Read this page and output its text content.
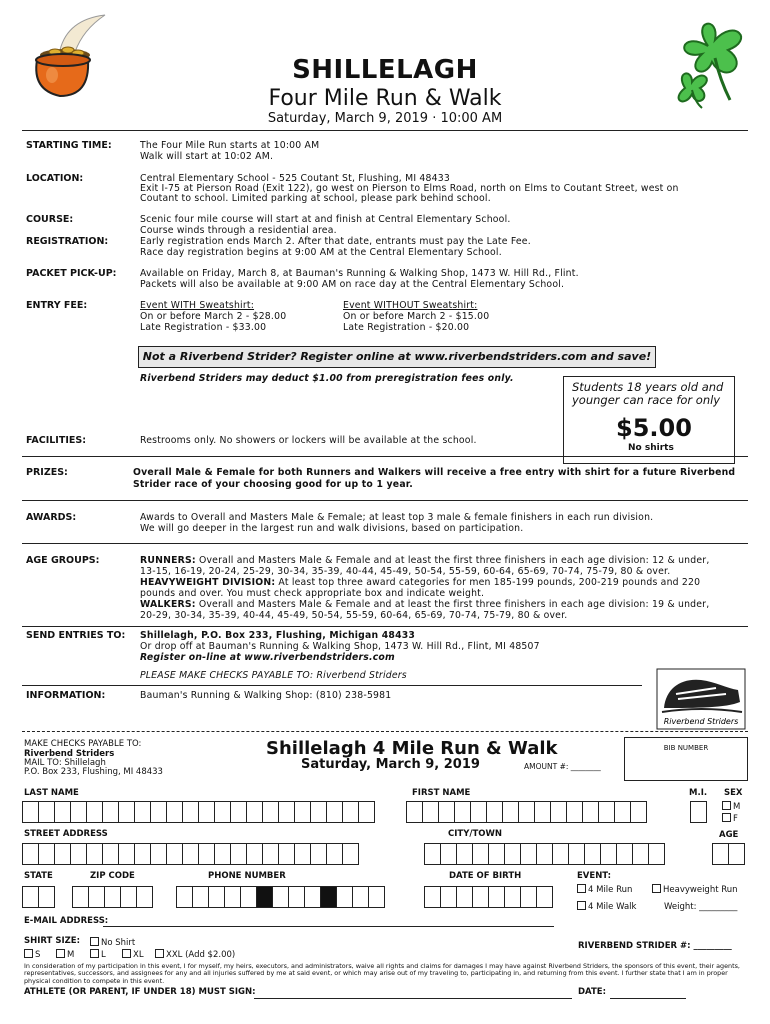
SHILLELAGH
Four Mile Run & Walk
Saturday, March 9, 2019 · 10:00 AM
STARTING TIME:	The Four Mile Run starts at 10:00 AM
Walk will start at 10:02 AM.
LOCATION:	Central Elementary School - 525 Coutant St, Flushing, MI 48433
Exit I-75 at Pierson Road (Exit 122), go west on Pierson to Elms Road, north on Elms to Coutant Street, west on
Coutant to school. Limited parking at school, please park behind school.
COURSE:	Scenic four mile course will start at and finish at Central Elementary School.
Course winds through a residential area.
REGISTRATION:	Early registration ends March 2. After that date, entrants must pay the Late Fee.
Race day registration begins at 9:00 AM at the Central Elementary School.
PACKET PICK-UP:	Available on Friday, March 8, at Bauman's Running & Walking Shop, 1473 W. Hill Rd., Flint.
Packets will also be available at 9:00 AM on race day at the Central Elementary School.
ENTRY FEE:	Event WITH Sweatshirt:
On or before March 2 - $28.00
Late Registration - $33.00
Event WITHOUT Sweatshirt:
On or before March 2 - $15.00
Late Registration - $20.00
Not a Riverbend Strider? Register online at www.riverbendstriders.com and save!
Riverbend Striders may deduct $1.00 from preregistration fees only.
Students 18 years old and
younger can race for only
$5.00
No shirts
FACILITIES:	Restrooms only. No showers or lockers will be available at the school.
PRIZES:	Overall Male & Female for both Runners and Walkers will receive a free entry with shirt for a future Riverbend
Strider race of your choosing good for up to 1 year.
AWARDS:	Awards to Overall and Masters Male & Female; at least top 3 male & female finishers in each run division.
We will go deeper in the largest run and walk divisions, based on participation.
AGE GROUPS:	RUNNERS: Overall and Masters Male & Female and at least the first three finishers in each age division: 12 & under,
13-15, 16-19, 20-24, 25-29, 30-34, 35-39, 40-44, 45-49, 50-54, 55-59, 60-64, 65-69, 70-74, 75-79, 80 & over.
HEAVYWEIGHT DIVISION: At least top three award categories for men 185-199 pounds, 200-219 pounds and 220
pounds and over. You must check appropriate box and indicate weight.
WALKERS: Overall and Masters Male & Female and at least the first three finishers in each age division: 19 & under,
20-29, 30-34, 35-39, 40-44, 45-49, 50-54, 55-59, 60-64, 65-69, 70-74, 75-79, 80 & over.
SEND ENTRIES TO: Shillelagh, P.O. Box 233, Flushing, Michigan 48433
Or drop off at Bauman's Running & Walking Shop, 1473 W. Hill Rd., Flint, MI 48507
Register on-line at www.riverbendstriders.com
PLEASE MAKE CHECKS PAYABLE TO: Riverbend Striders
INFORMATION:	Bauman's Running & Walking Shop: (810) 238-5981
Riverbend Striders
MAKE CHECKS PAYABLE TO:
Riverbend Striders
MAIL TO: Shillelagh
P.O. Box 233, Flushing, MI 48433
Shillelagh 4 Mile Run & Walk
Saturday, March 9, 2019	AMOUNT #: ________
BIB NUMBER
LAST NAME	FIRST NAME	M.I. SEX
M
F
STREET ADDRESS	CITY/TOWN	AGE
STATE	ZIP CODE	PHONE NUMBER	DATE OF BIRTH	EVENT:
4 Mile Run	Heavyweight Run
4 Mile Walk	Weight: _________
E-MAIL ADDRESS:
SHIRT SIZE:	No Shirt
S	M	L	XL	XXL (Add $2.00)
RIVERBEND STRIDER #: _________
In consideration of my participation in this event, I for myself, my heirs, executors, and administrators, waive all rights and claims for damages I may have against Riverbend Striders, the sponsors of this event, their agents, representatives, successors, and assignees for any and all injuries suffered by me at said event, or which may arise out of my traveling to, participating in, and returning from this event. I further state that I am in proper physical condition to compete in this event.
ATHLETE (OR PARENT, IF UNDER 18) MUST SIGN:	DATE:
